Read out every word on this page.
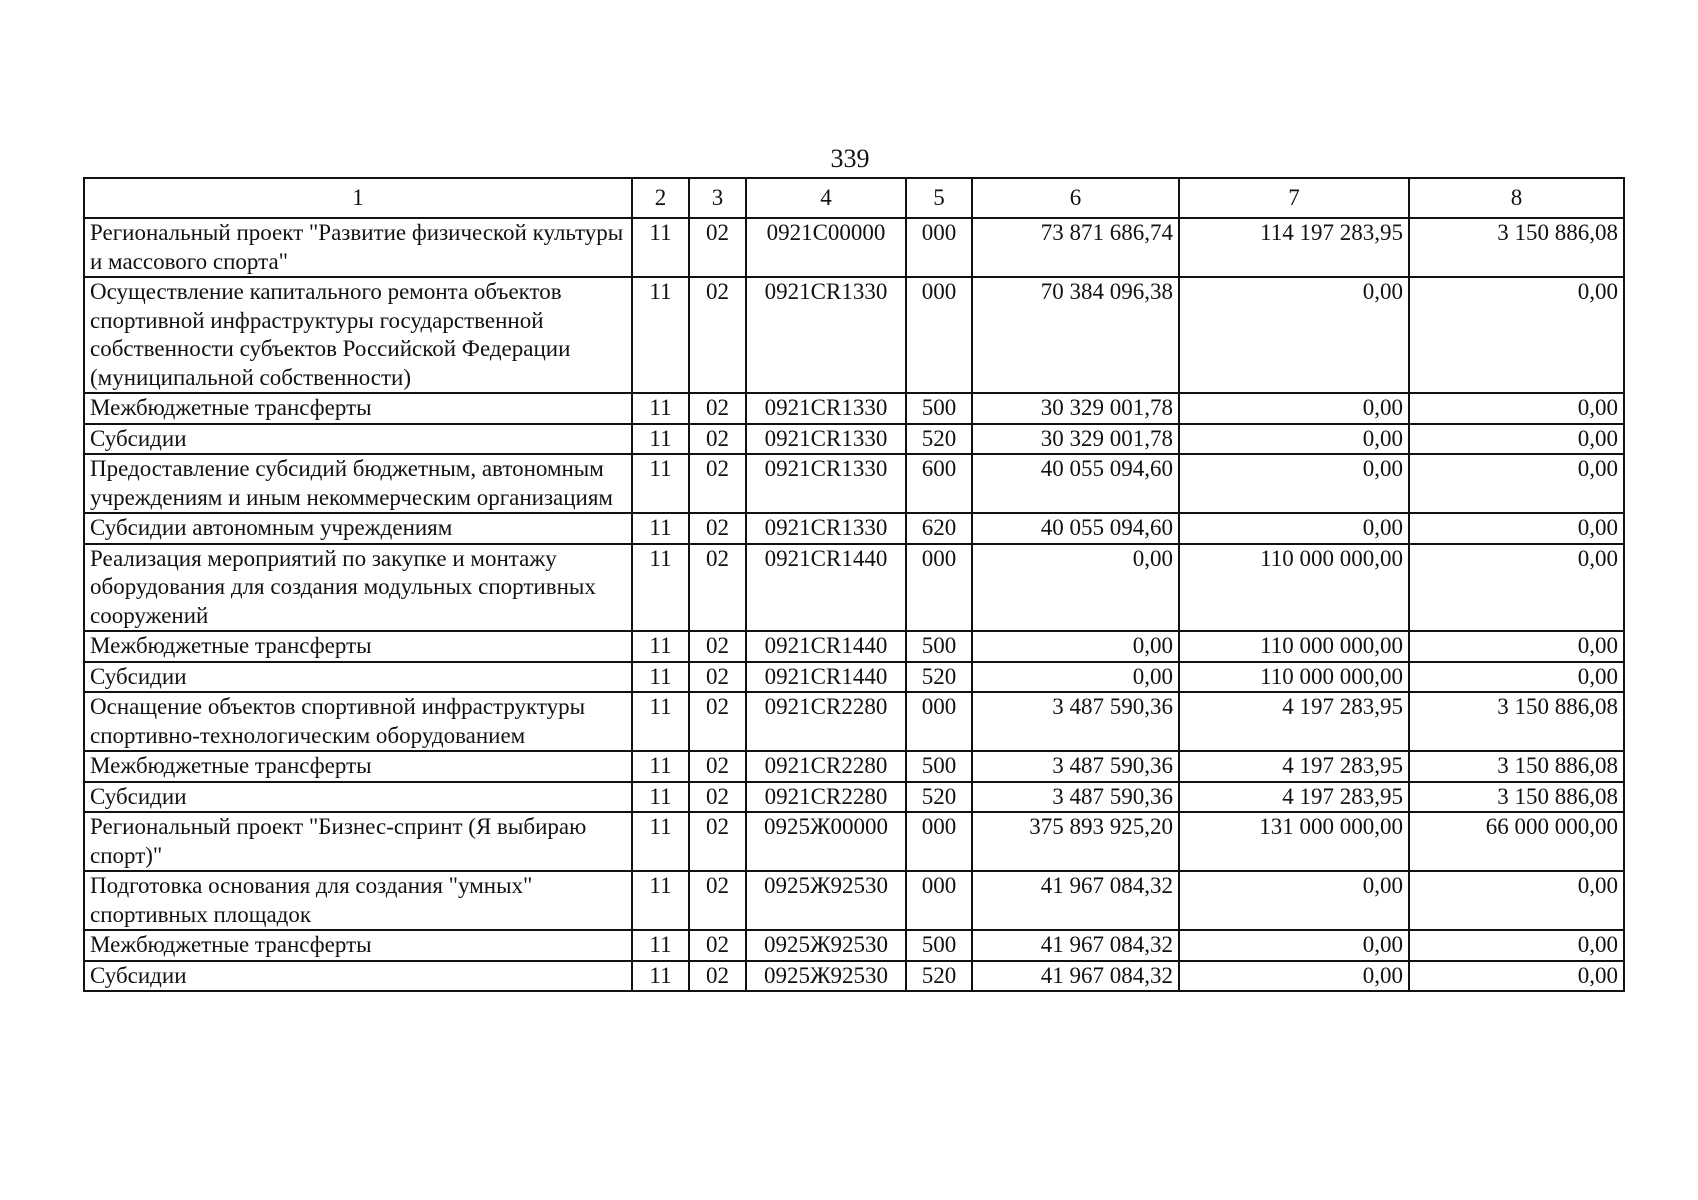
339
1	2	3	4	5	6	7	8
Региональный проект "Развитие физической культуры и массового спорта"	11	02	0921C00000	000	73 871 686,74	114 197 283,95	3 150 886,08
Осуществление капитального ремонта объектов спортивной инфраструктуры государственной собственности субъектов Российской Федерации (муниципальной собственности)	11	02	0921CR1330	000	70 384 096,38	0,00	0,00
Межбюджетные трансферты	11	02	0921CR1330	500	30 329 001,78	0,00	0,00
Субсидии	11	02	0921CR1330	520	30 329 001,78	0,00	0,00
Предоставление субсидий бюджетным, автономным учреждениям и иным некоммерческим организациям	11	02	0921CR1330	600	40 055 094,60	0,00	0,00
Субсидии автономным учреждениям	11	02	0921CR1330	620	40 055 094,60	0,00	0,00
Реализация мероприятий по закупке и монтажу оборудования для создания модульных спортивных сооружений	11	02	0921CR1440	000	0,00	110 000 000,00	0,00
Межбюджетные трансферты	11	02	0921CR1440	500	0,00	110 000 000,00	0,00
Субсидии	11	02	0921CR1440	520	0,00	110 000 000,00	0,00
Оснащение объектов спортивной инфраструктуры спортивно-технологическим оборудованием	11	02	0921CR2280	000	3 487 590,36	4 197 283,95	3 150 886,08
Межбюджетные трансферты	11	02	0921CR2280	500	3 487 590,36	4 197 283,95	3 150 886,08
Субсидии	11	02	0921CR2280	520	3 487 590,36	4 197 283,95	3 150 886,08
Региональный проект "Бизнес-спринт (Я выбираю спорт)"	11	02	0925Ж00000	000	375 893 925,20	131 000 000,00	66 000 000,00
Подготовка основания для создания "умных" спортивных площадок	11	02	0925Ж92530	000	41 967 084,32	0,00	0,00
Межбюджетные трансферты	11	02	0925Ж92530	500	41 967 084,32	0,00	0,00
Субсидии	11	02	0925Ж92530	520	41 967 084,32	0,00	0,00
